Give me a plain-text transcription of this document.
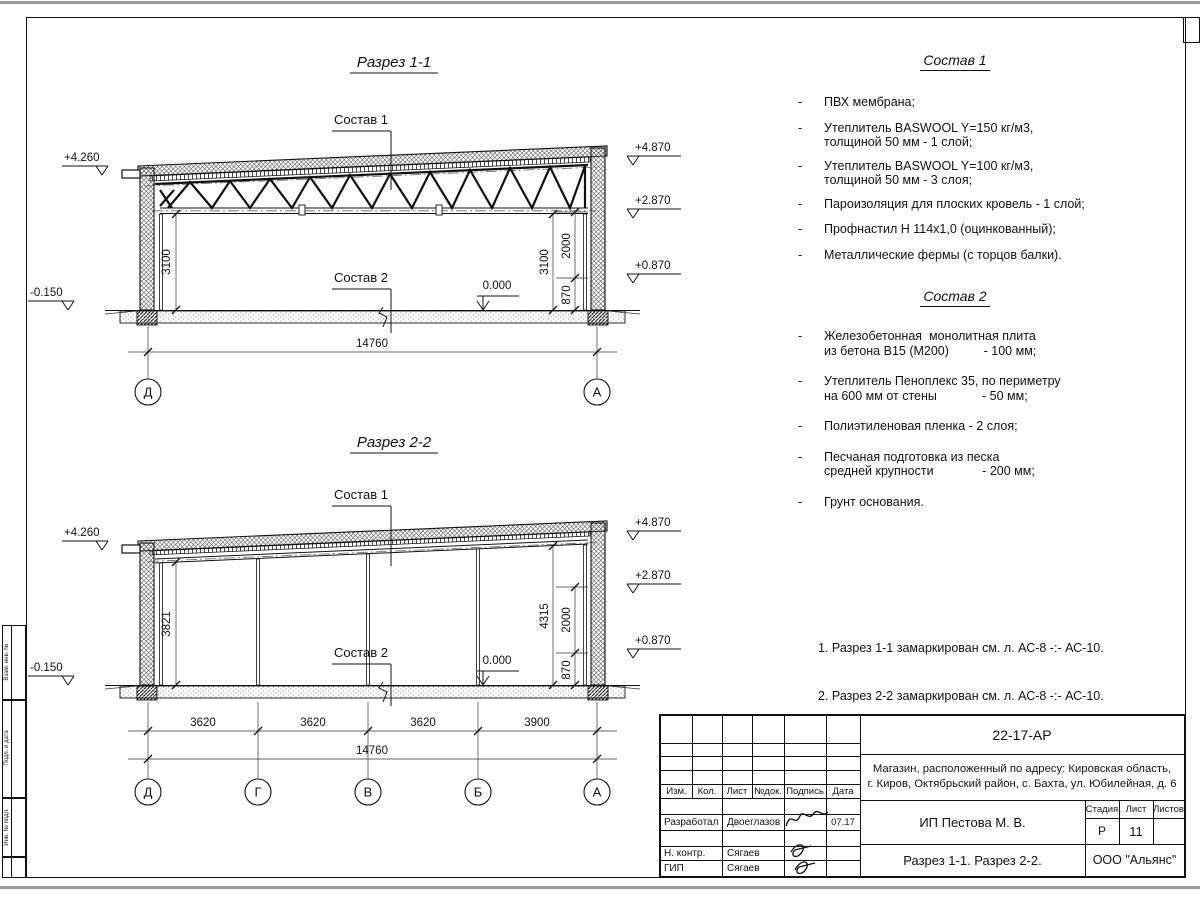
Разрез 1-1
Состав 1
Состав 2
0.000
+4.260
-0.150
+4.870
+2.870
+0.870
3100	3100
2000
870
14760
Д	А
Разрез 2-2
Состав 1
Состав 2
0.000
+4.260
-0.150
+4.870
+2.870
+0.870
3821	4315 2000
870
3620	3620	3620	3900
14760
Д	Г	В	Б	А
Состав 1
-	ПВХ мембрана;
-	Утеплитель BASWOOL Y=150 кг/м3,
толщиной 50 мм - 1 слой;
-	Утеплитель BASWOOL Y=100 кг/м3,
толщиной 50 мм - 3 слоя;
-	Пароизоляция для плоских кровель - 1 слой;
-	Профнастил Н 114х1,0 (оцинкованный);
-	Металлические фермы (с торцов балки).
Состав 2
-	Железобетонная  монолитная плита
из бетона В15 (М200)          - 100 мм;
-	Утеплитель Пеноплекс 35, по периметру
на 600 мм от стены             - 50 мм;
-	Полиэтиленовая пленка - 2 слоя;
-	Песчаная подготовка из песка
средней крупности              - 200 мм;
-	Грунт основания.

1. Разрез 1-1 замаркирован см. л. АС-8 -:- АС-10.

2. Разрез 2-2 замаркирован см. л. АС-8 -:- АС-10.

Изм.	Кол.	Лист №док. Подпись Дата
Разработал Двоеглазов	07.17
Н. контр.	Сягаев
ГИП	Сягаев
22-17-АР
Магазин, расположенный по адресу: Кировская область,
г. Киров, Октябрьский район, с. Бахта, ул. Юбилейная, д. 6
ИП Пестова М. В.
Разрез 1-1. Разрез 2-2.
Стадия Лист Листов
Р	11
ООО "Альянс"
Взам. инв. №
Подп. и дата
Инв. № подл.
